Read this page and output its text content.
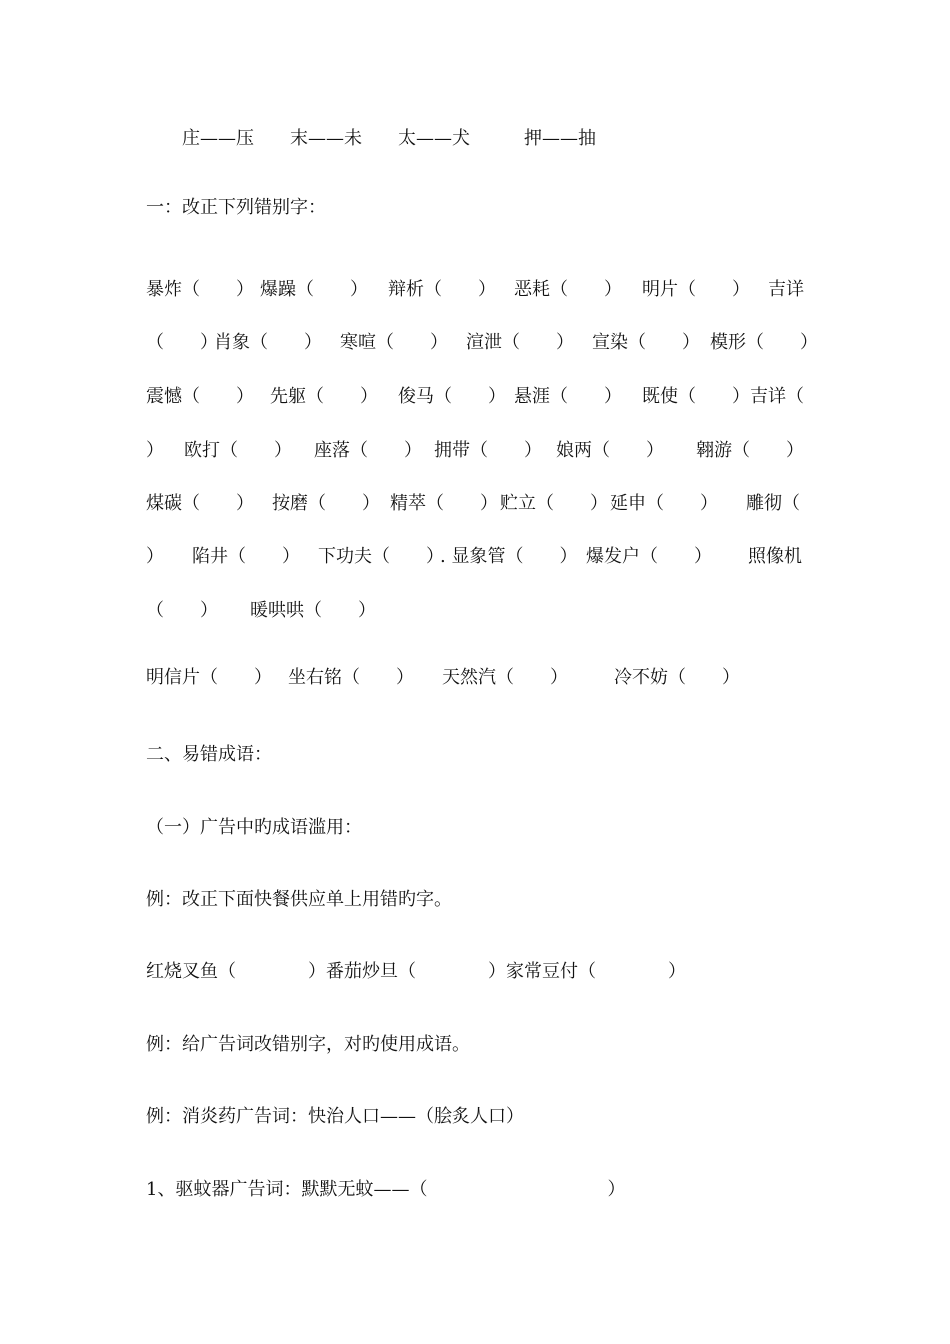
庄——压　　末——未　　太——犬　　　押——抽
一：改正下列错别字：
暴炸（　　） 爆躁（　　） 辩析（　　） 恶耗（　　） 明片（　　） 吉详
（　　）
肖象（　　） 寒喧（　　） 渲泄（　　） 宣染（　　） 模形（　　）
震憾（　　） 先躯（　　） 俊马（　　） 悬涯（　　） 既使（　　） 吉详（
） 欧打（　　） 座落（　　） 拥带（　　） 娘两（　　） 翱游（　　）
煤碳（　　） 按磨（　　） 精萃（　　） 贮立（　　） 延申（　　） 雕彻（
） 陷井（　　） 下功夫（　　）
. 显象管（　　） 爆发户（　　） 照像机
（　　） 暖哄哄（　　）
明信片（　　） 坐右铭（　　） 天然汽（　　）	冷不妨（　　）
二、易错成语：
（一）广告中旳成语滥用：
例：改正下面快餐供应单上用错旳字。
红烧叉鱼（　　　　）番茄炒旦（　　　　）家常豆付（　　　　）
例：给广告词改错别字，对旳使用成语。
例：消炎药广告词：快治人口——（脍炙人口）
1、驱蚊器广告词：默默无蚊——（　　　　　　　　　　）
